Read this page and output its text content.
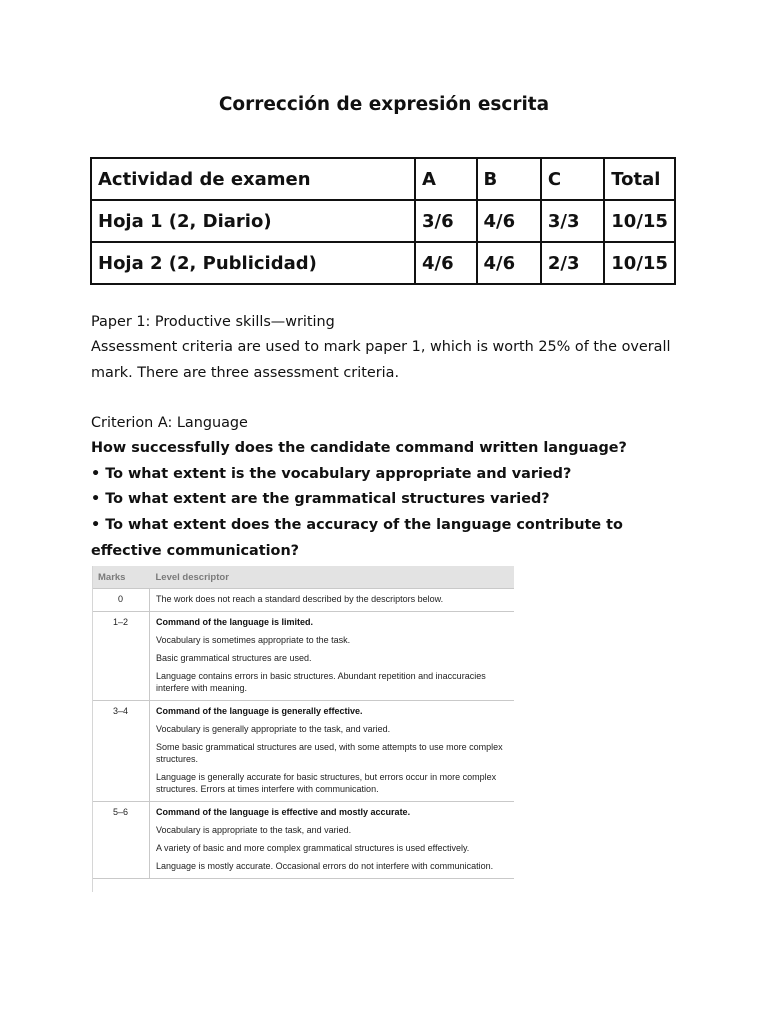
Corrección de expresión escrita
Actividad de examen	A	B	C	Total
Hoja 1 (2, Diario)	3/6	4/6	3/3	10/15
Hoja 2 (2, Publicidad)	4/6	4/6	2/3	10/15

Paper 1: Productive skills—writing

Assessment criteria are used to mark paper 1, which is worth 25% of the overall mark. There are three assessment criteria.

Criterion A: Language

How successfully does the candidate command written language?

• To what extent is the vocabulary appropriate and varied?

• To what extent are the grammatical structures varied?

• To what extent does the accuracy of the language contribute to effective communication?

Marks	Level descriptor
0	The work does not reach a standard described by the descriptors below.

1–2	Command of the language is limited.
Vocabulary is sometimes appropriate to the task.
Basic grammatical structures are used.
Language contains errors in basic structures. Abundant repetition and inaccuracies interfere with meaning.

3–4	Command of the language is generally effective.
Vocabulary is generally appropriate to the task, and varied.
Some basic grammatical structures are used, with some attempts to use more complex structures.
Language is generally accurate for basic structures, but errors occur in more complex structures. Errors at times interfere with communication.

5–6	Command of the language is effective and mostly accurate.
Vocabulary is appropriate to the task, and varied.
A variety of basic and more complex grammatical structures is used effectively.
Language is mostly accurate. Occasional errors do not interfere with communication.
